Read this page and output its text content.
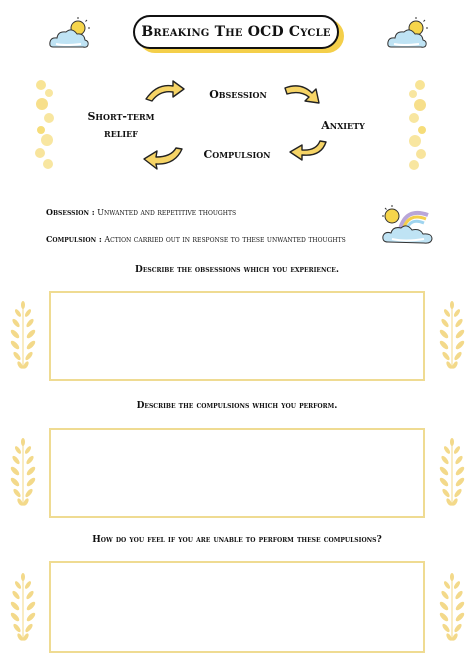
Breaking The OCD Cycle
Obsession
Anxiety
Compulsion
Short-term
relief
Obsession : Unwanted and repetitive thoughts
Compulsion : Action carried out in response to these unwanted thoughts
Describe the obsessions which you experience.
Describe the compulsions which you perform.
How do you feel if you are unable to perform these compulsions?
